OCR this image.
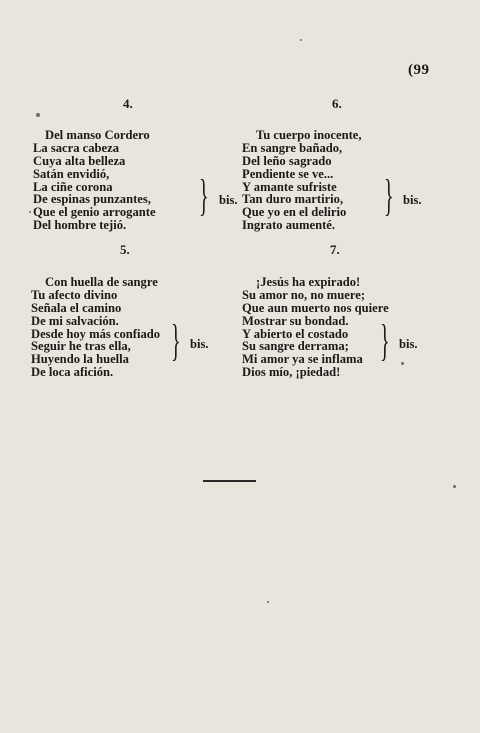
(99
4.
Del manso Cordero
La sacra cabeza
Cuya alta belleza
Satán envidió,
La ciñe corona
De espinas punzantes,
Que el genio arrogante
Del hombre tejió.
} bis.
6.
Tu cuerpo inocente,
En sangre bañado,
Del leño sagrado
Pendiente se ve...
Y amante sufriste
Tan duro martirio,
Que yo en el delirio
Ingrato aumenté.
} bis.
5.
Con huella de sangre
Tu afecto divino
Señala el camino
De mi salvación.
Desde hoy más confiado
Seguir he tras ella,
Huyendo la huella
De loca afición.
} bis.
7.
¡Jesús ha expirado!
Su amor no, no muere;
Que aun muerto nos quiere
Mostrar su bondad.
Y abierto el costado
Su sangre derrama;
Mi amor ya se inflama
Dios mío, ¡piedad!
} bis.
